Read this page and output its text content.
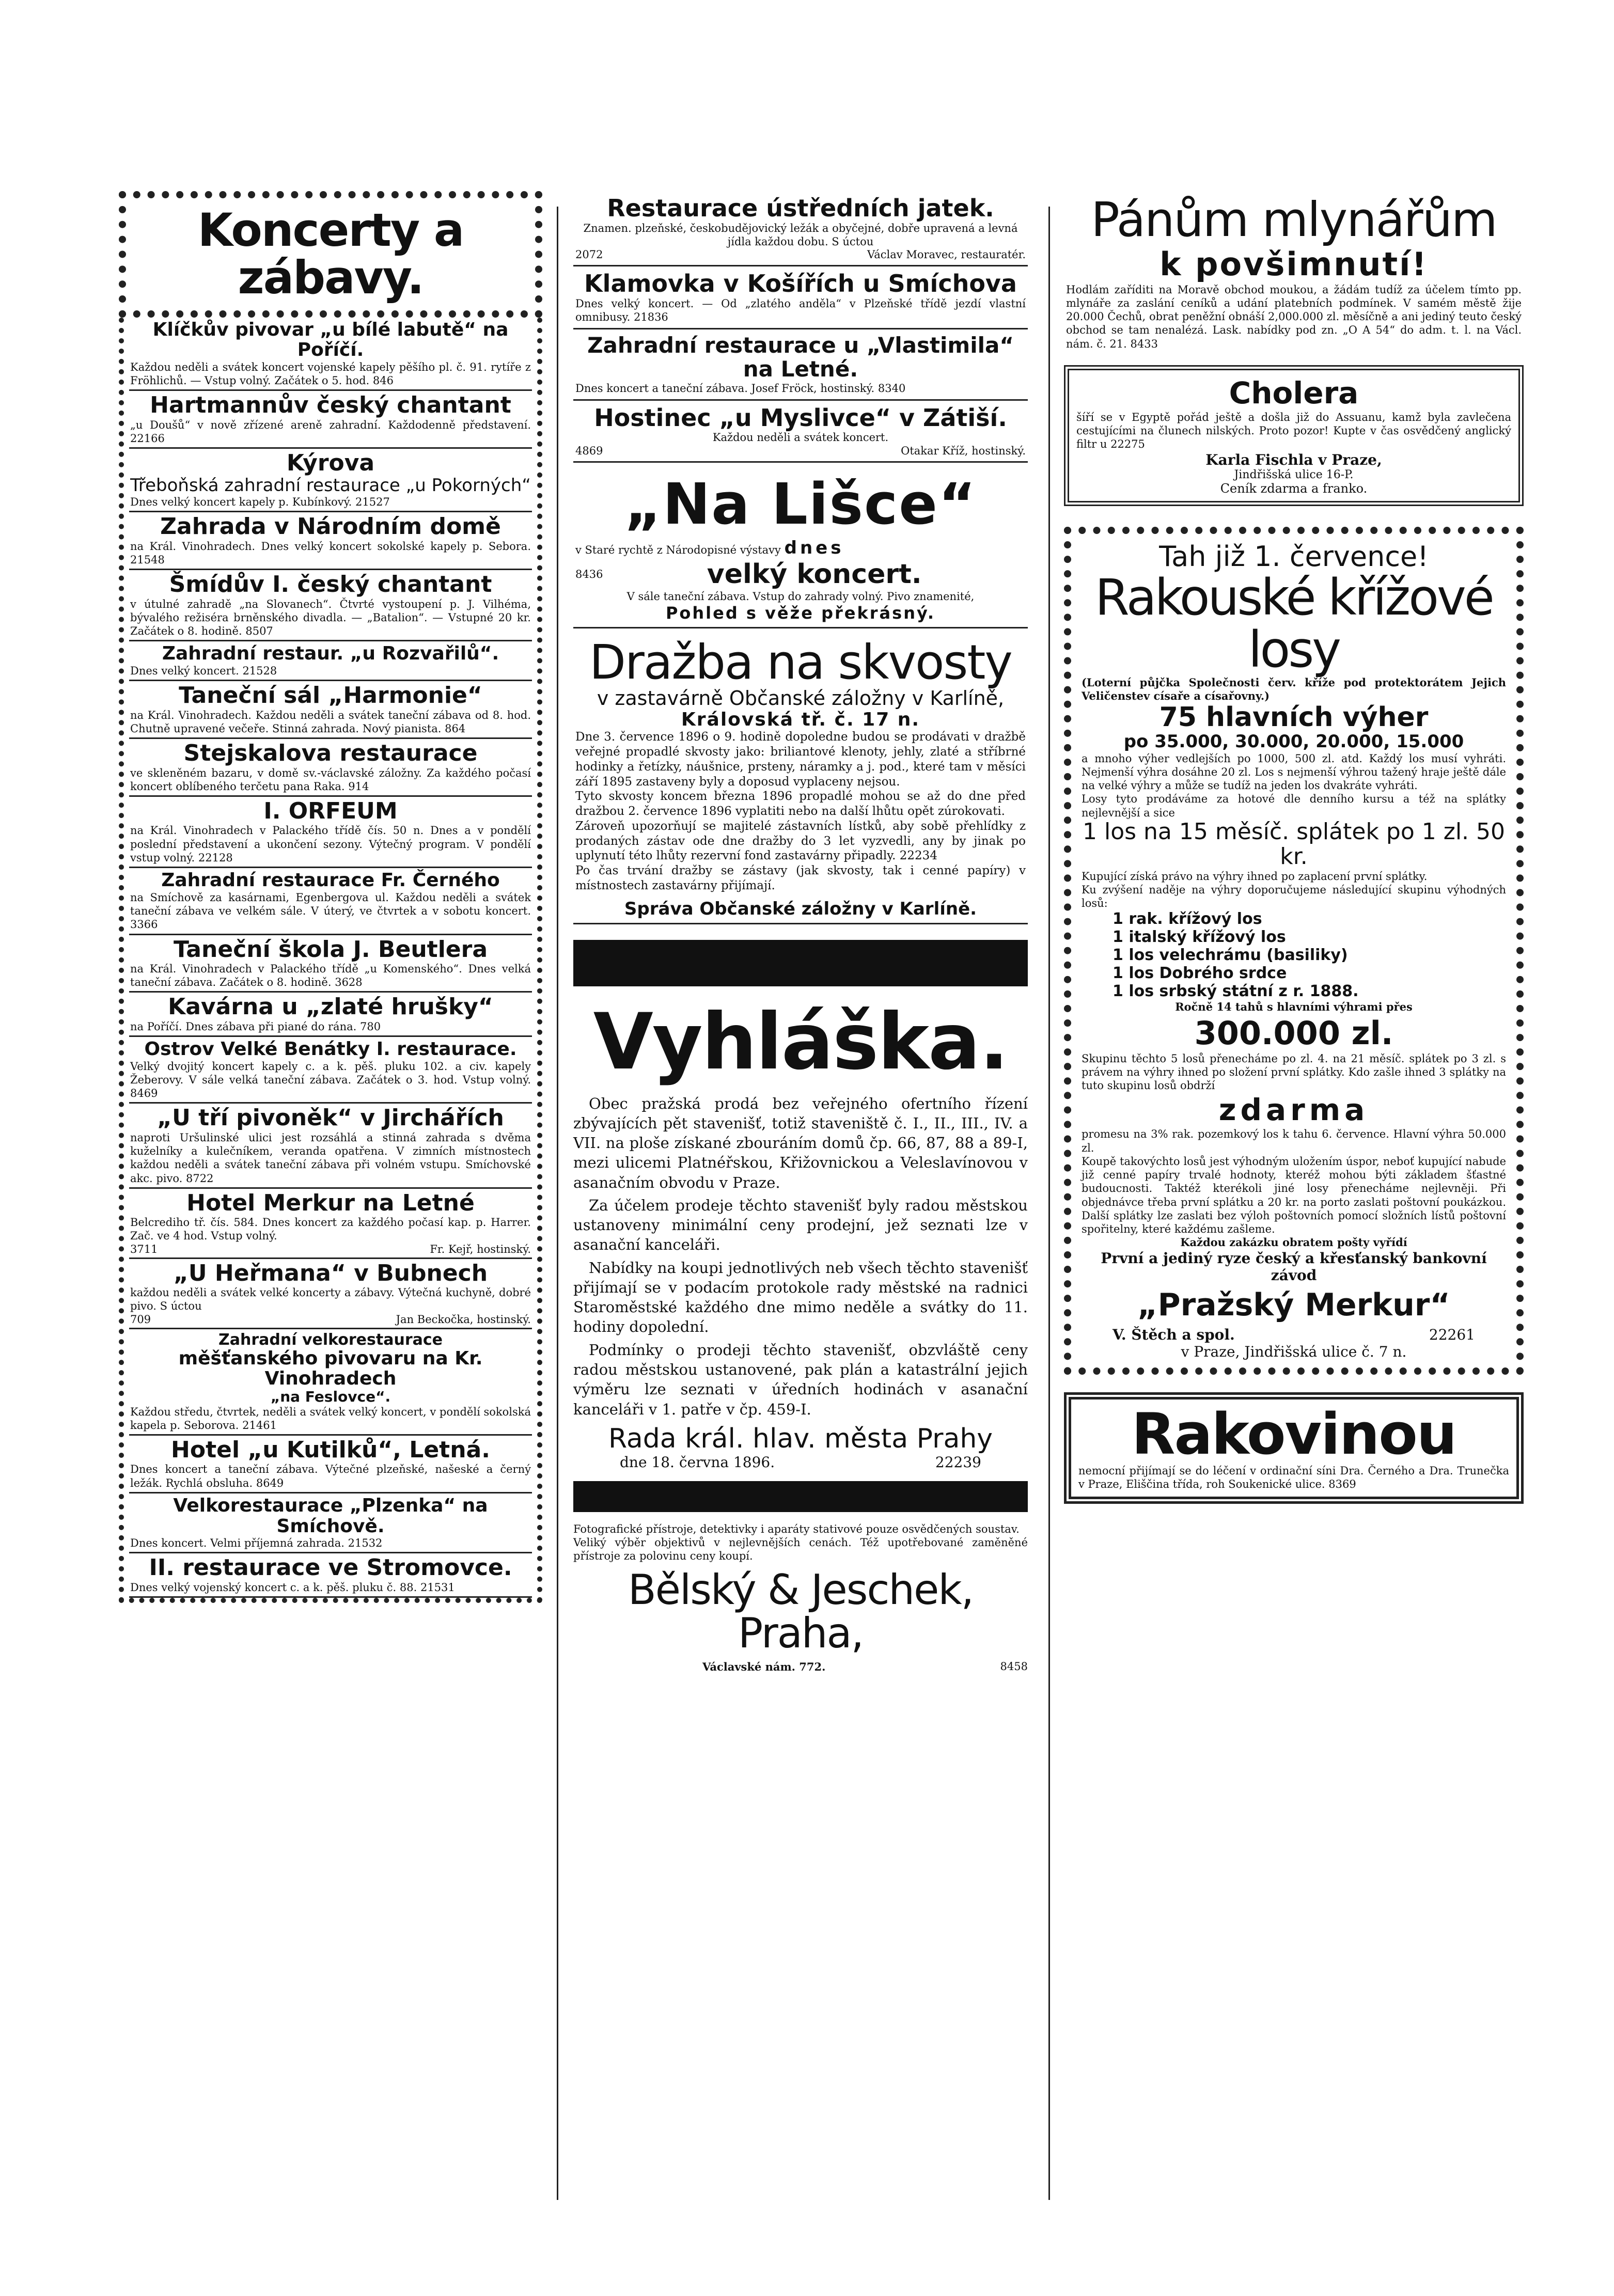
Koncerty a zábavy.
Klíčkův pivovar „u bílé labutě“ na Poříčí.
Každou neděli a svátek koncert vojenské kapely pěšího pl. č. 91. rytíře z Fröhlichů. — Vstup volný. Začátek o 5. hod. 846
Hartmannův český chantant
„u Doušů“ v nově zřízené areně zahradní. Každodenně představení. 22166
Kýrova
Třeboňská zahradní restaurace „u Pokorných“
Dnes velký koncert kapely p. Kubínkový. 21527
Zahrada v Národním domě
na Král. Vinohradech. Dnes velký koncert sokolské kapely p. Sebora. 21548
Šmídův I. český chantant
v útulné zahradě „na Slovanech“. Čtvrté vystoupení p. J. Vilhéma, bývalého režiséra brněnského divadla. — „Batalion“. — Vstupné 20 kr. Začátek o 8. hodině. 8507
Zahradní restaur. „u Rozvařilů“.
Dnes velký koncert. 21528
Taneční sál „Harmonie“
na Král. Vinohradech. Každou neděli a svátek taneční zábava od 8. hod. Chutně upravené večeře. Stinná zahrada. Nový pianista. 864
Stejskalova restaurace
ve skleněném bazaru, v domě sv.-václavské záložny. Za každého počasí koncert oblíbeného terčetu pana Raka. 914
I. ORFEUM
na Král. Vinohradech v Palackého třídě čís. 50 n. Dnes a v pondělí poslední představení a ukončení sezony. Výtečný program. V pondělí vstup volný. 22128
Zahradní restaurace Fr. Černého
na Smíchově za kasárnami, Egenbergova ul. Každou neděli a svátek taneční zábava ve velkém sále. V úterý, ve čtvrtek a v sobotu koncert. 3366
Taneční škola J. Beutlera
na Král. Vinohradech v Palackého třídě „u Komenského“. Dnes velká taneční zábava. Začátek o 8. hodině. 3628
Kavárna u „zlaté hrušky“
na Poříčí. Dnes zábava při piané do rána. 780
Ostrov Velké Benátky I. restaurace.
Velký dvojitý koncert kapely c. a k. pěš. pluku 102. a civ. kapely Žeberovy. V sále velká taneční zábava. Začátek o 3. hod. Vstup volný. 8469
„U tří pivoněk“ v Jirchářích
naproti Uršulinské ulici jest rozsáhlá a stinná zahrada s dvěma kuželníky a kulečníkem, veranda opatřena. V zimních místnostech každou neděli a svátek taneční zábava při volném vstupu. Smíchovské akc. pivo. 8722
Hotel Merkur na Letné
Belcrediho tř. čís. 584. Dnes koncert za každého počasí kap. p. Harrer. Zač. ve 4 hod. Vstup volný.
3711	Fr. Kejř, hostinský.
„U Heřmana“ v Bubnech
každou neděli a svátek velké koncerty a zábavy. Výtečná kuchyně, dobré pivo. S úctou
709	Jan Beckočka, hostinský.
Zahradní velkorestaurace
měšťanského pivovaru na Kr. Vinohradech
„na Feslovce“.
Každou středu, čtvrtek, neděli a svátek velký koncert, v pondělí sokolská kapela p. Seborova. 21461
Hotel „u Kutilků“, Letná.
Dnes koncert a taneční zábava. Výtečné plzeňské, našeské a černý ležák. Rychlá obsluha. 8649
Velkorestaurace „Plzenka“ na Smíchově.
Dnes koncert. Velmi příjemná zahrada. 21532
II. restaurace ve Stromovce.
Dnes velký vojenský koncert c. a k. pěš. pluku č. 88. 21531
Restaurace ústředních jatek.
Znamen. plzeňské, českobudějovický ležák a obyčejné, dobře upravená a levná jídla každou dobu. S úctou
2072	Václav Moravec, restauratér.
Klamovka v Košířích u Smíchova
Dnes velký koncert. — Od „zlatého anděla“ v Plzeňské třídě jezdí vlastní omnibusy. 21836
Zahradní restaurace u „Vlastimila“ na Letné.
Dnes koncert a taneční zábava. Josef Fröck, hostinský. 8340
Hostinec „u Myslivce“ v Zátiší.
Každou neděli a svátek koncert.
4869	Otakar Kříž, hostinský.
„Na Lišce“
v Staré rychtě z Národopisné výstavy dnes
8436	velký koncert.
V sále taneční zábava. Vstup do zahrady volný. Pivo znamenité,
Pohled s věže překrásný.
Dražba na skvosty
v zastavárně Občanské záložny v Karlíně,
Královská tř. č. 17 n.
Dne 3. července 1896 o 9. hodině dopoledne budou se prodávati v dražbě veřejné propadlé skvosty jako: briliantové klenoty, jehly, zlaté a stříbrné hodinky a řetízky, náušnice, prsteny, náramky a j. pod., které tam v měsíci září 1895 zastaveny byly a doposud vyplaceny nejsou.
Tyto skvosty koncem března 1896 propadlé mohou se až do dne před dražbou 2. července 1896 vyplatiti nebo na další lhůtu opět zúrokovati.
Zároveň upozorňují se majitelé zástavních lístků, aby sobě přehlídky z prodaných zástav ode dne dražby do 3 let vyzvedli, any by jinak po uplynutí této lhůty rezervní fond zastavárny připadly. 22234
Po čas trvání dražby se zástavy (jak skvosty, tak i cenné papíry) v místnostech zastavárny přijímají.
Správa Občanské záložny v Karlíně.
Vyhláška.

Obec pražská prodá bez veřejného ofertního řízení zbývajících pět stavenišť, totiž staveniště č. I., II., III., IV. a VII. na ploše získané zbouráním domů čp. 66, 87, 88 a 89-I, mezi ulicemi Platnéřskou, Křižovnickou a Veleslavínovou v asanačním obvodu v Praze.

Za účelem prodeje těchto stavenišť byly radou městskou ustanoveny minimální ceny prodejní, jež seznati lze v asanační kanceláři.

Nabídky na koupi jednotlivých neb všech těchto stavenišť přijímají se v podacím protokole rady městské na radnici Staroměstské každého dne mimo neděle a svátky do 11. hodiny dopolední.

Podmínky o prodeji těchto stavenišť, obzvláště ceny radou městskou ustanovené, pak plán a katastrální jejich výměru lze seznati v úředních hodinách v asanační kanceláři v 1. patře v čp. 459-I.

Rada král. hlav. města Prahy
dne 18. června 1896.	22239
Fotografické přístroje, detektivky i aparáty stativové pouze osvědčených soustav.
Veliký výběr objektivů v nejlevnějších cenách. Též upotřebované zaměněné přístroje za polovinu ceny koupí.
Bělský & Jeschek, Praha,
Václavské nám. 772.	8458
Pánům mlynářům
k povšimnutí!
Hodlám zaříditi na Moravě obchod moukou, a žádám tudíž za účelem tímto pp. mlynáře za zaslání ceníků a udání platebních podmínek. V samém městě žije 20.000 Čechů, obrat peněžní obnáší 2,000.000 zl. měsíčně a ani jediný teuto český obchod se tam nenalézá. Lask. nabídky pod zn. „O A 54“ do adm. t. l. na Václ. nám. č. 21. 8433
Cholera
šíří se v Egyptě pořád ještě a došla již do Assuanu, kamž byla zavlečena cestujícími na člunech nilských. Proto pozor! Kupte v čas osvědčený anglický filtr u 22275
Karla Fischla v Praze,
Jindřišská ulice 16-P.
Ceník zdarma a franko.
Tah již 1. července!
Rakouské křížové losy
(Loterní půjčka Společnosti červ. kříže pod protektorátem Jejich Veličenstev císaře a císařovny.)
75 hlavních výher
po 35.000, 30.000, 20.000, 15.000
a mnoho výher vedlejších po 1000, 500 zl. atd. Každý los musí vyhráti. Nejmenší výhra dosáhne 20 zl. Los s nejmenší výhrou tažený hraje ještě dále na velké výhry a může se tudíž na jeden los dvakráte vyhráti.
Losy tyto prodáváme za hotové dle denního kursu a též na splátky nejlevnější a sice
1 los na 15 měsíč. splátek po 1 zl. 50 kr.
Kupující získá právo na výhry ihned po zaplacení první splátky.
Ku zvýšení naděje na výhry doporučujeme následující skupinu výhodných losů:
1 rak. křížový los
1 italský křížový los
1 los velechrámu (basiliky)
1 los Dobrého srdce
1 los srbský státní z r. 1888.
Ročně 14 tahů s hlavními výhrami přes
300.000 zl.
Skupinu těchto 5 losů přenecháme po zl. 4. na 21 měsíč. splátek po 3 zl. s právem na výhry ihned po složení první splátky. Kdo zašle ihned 3 splátky na tuto skupinu losů obdrží
zdarma
promesu na 3% rak. pozemkový los k tahu 6. července. Hlavní výhra 50.000 zl.
Koupě takovýchto losů jest výhodným uložením úspor, neboť kupující nabude již cenné papíry trvalé hodnoty, kteréž mohou býti základem šťastné budoucnosti. Taktéž kterékoli jiné losy přenecháme nejlevněji. Při objednávce třeba první splátku a 20 kr. na porto zaslati poštovní poukázkou. Další splátky lze zaslati bez výloh poštovních pomocí složních lístů poštovní spořitelny, které každému zašleme.
Každou zakázku obratem pošty vyřídí
První a jediný ryze český a křesťanský bankovní závod
„Pražský Merkur“
V. Štěch a spol.	22261
v Praze, Jindřišská ulice č. 7 n.
Rakovinou
nemocní přijímají se do léčení v ordinační síni Dra. Černého a Dra. Trunečka v Praze, Eliščina třída, roh Soukenické ulice. 8369
